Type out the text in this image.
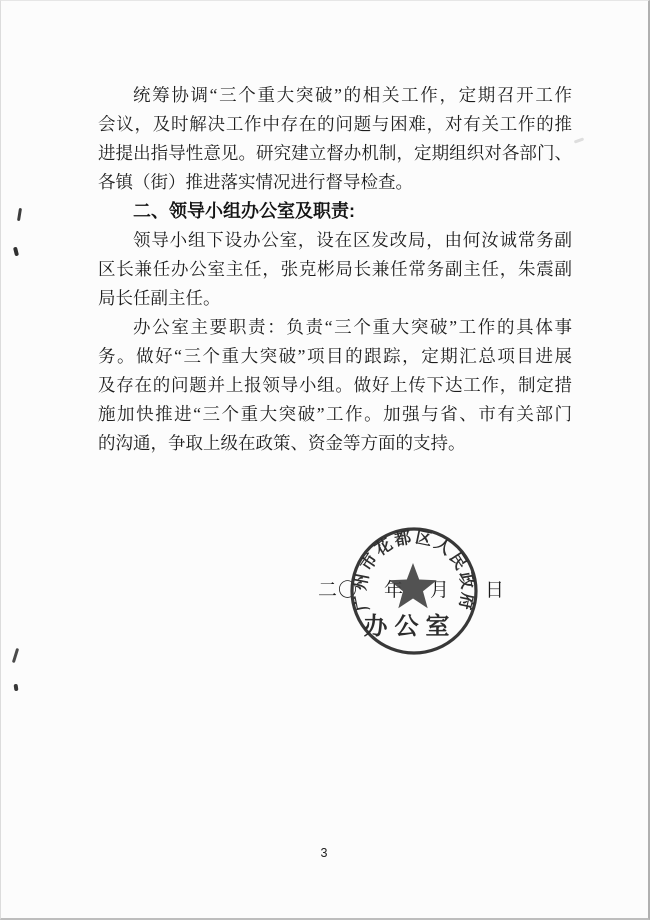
统筹协调“三个重大突破”的相关工作，定期召开工作
会议，及时解决工作中存在的问题与困难，对有关工作的推
进提出指导性意见。研究建立督办机制，定期组织对各部门、
各镇（街）推进落实情况进行督导检查。
二、领导小组办公室及职责:
领导小组下设办公室，设在区发改局，由何汝诚常务副
区长兼任办公室主任，张克彬局长兼任常务副主任，朱震副
局长任副主任。
办公室主要职责：负责“三个重大突破”工作的具体事
务。做好“三个重大突破”项目的跟踪，定期汇总项目进展
及存在的问题并上报领导小组。做好上传下达工作，制定措
施加快推进“三个重大突破”工作。加强与省、市有关部门
的沟通，争取上级在政策、资金等方面的支持。
二〇 年 月 日
广州市花都区人民政府
办公室
3
